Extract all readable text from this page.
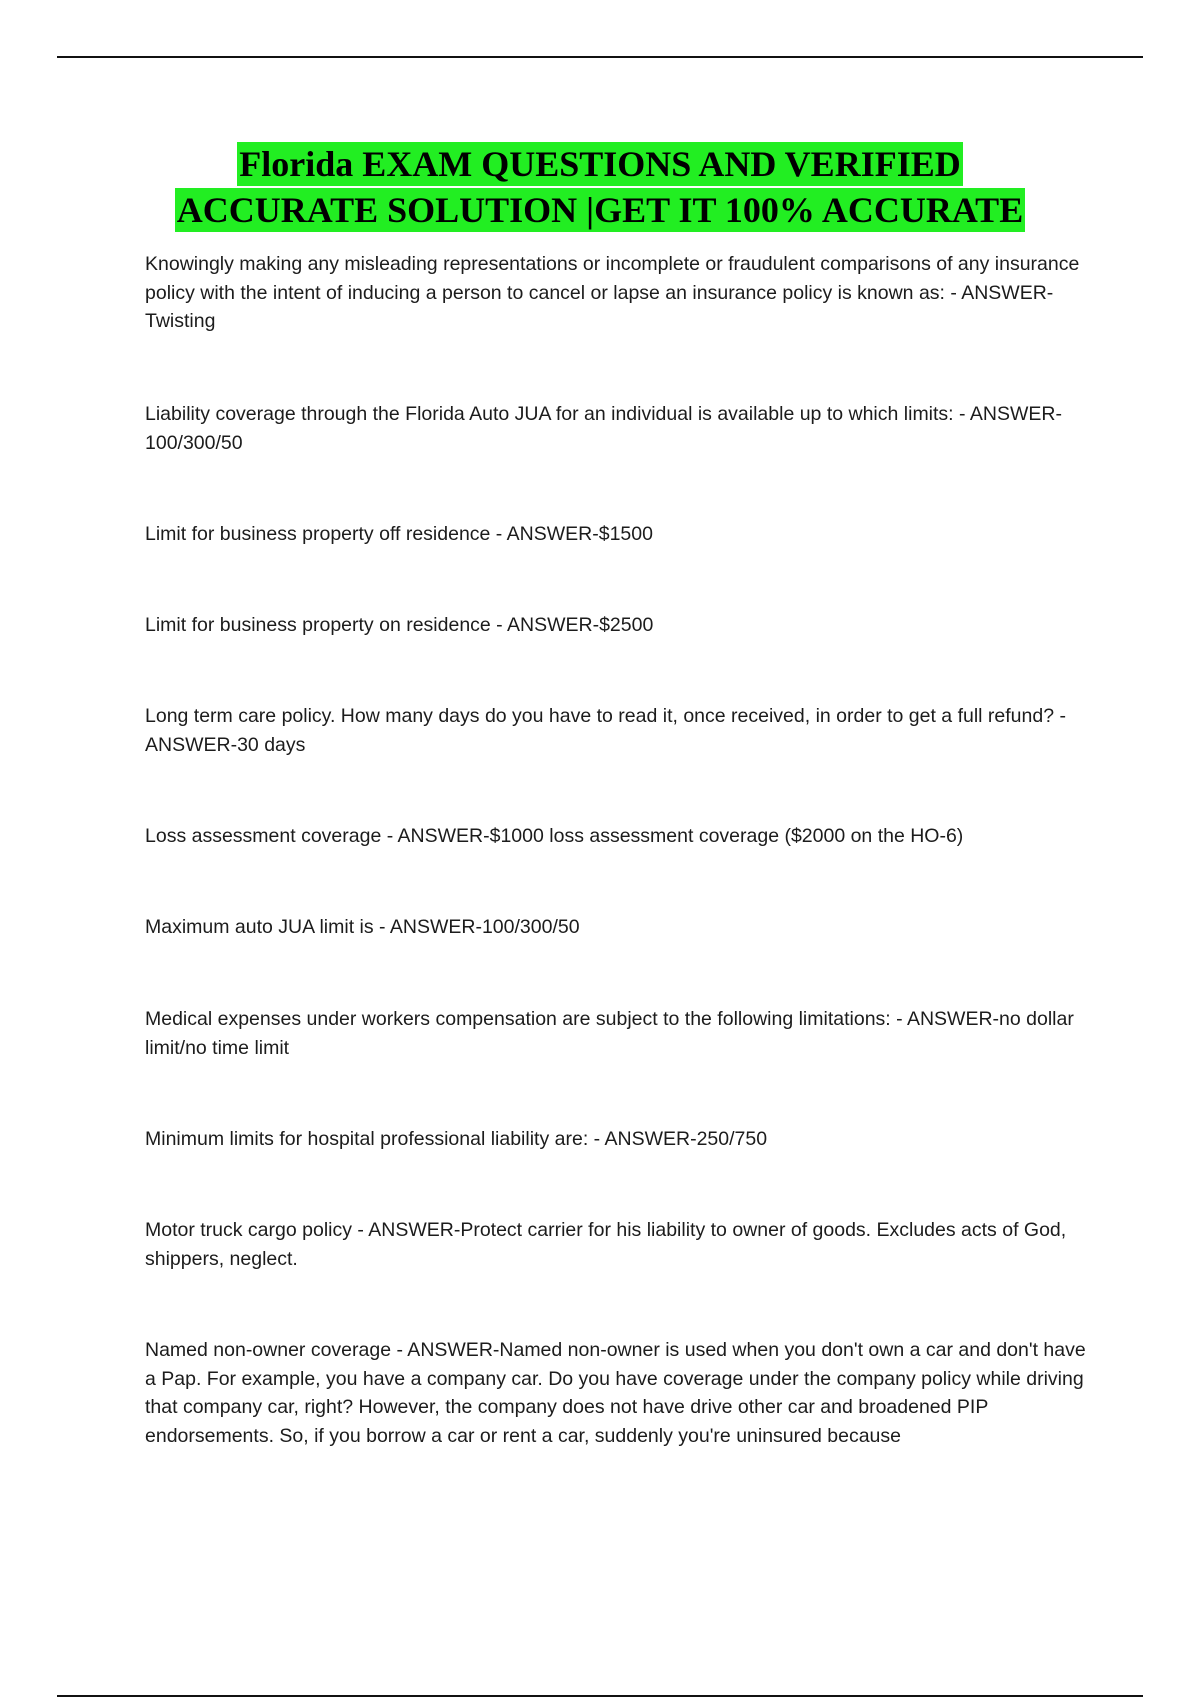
Florida EXAM QUESTIONS AND VERIFIED
ACCURATE SOLUTION |GET IT 100% ACCURATE

Knowingly making any misleading representations or incomplete or fraudulent comparisons of any insurance policy with the intent of inducing a person to cancel or lapse an insurance policy is known as: - ANSWER-Twisting

Liability coverage through the Florida Auto JUA for an individual is available up to which limits: - ANSWER-100/300/50

Limit for business property off residence - ANSWER-$1500

Limit for business property on residence - ANSWER-$2500

Long term care policy. How many days do you have to read it, once received, in order to get a full refund? - ANSWER-30 days

Loss assessment coverage - ANSWER-$1000 loss assessment coverage ($2000 on the HO-6)

Maximum auto JUA limit is - ANSWER-100/300/50

Medical expenses under workers compensation are subject to the following limitations: - ANSWER-no dollar limit/no time limit

Minimum limits for hospital professional liability are: - ANSWER-250/750

Motor truck cargo policy - ANSWER-Protect carrier for his liability to owner of goods. Excludes acts of God, shippers, neglect.

Named non-owner coverage - ANSWER-Named non-owner is used when you don't own a car and don't have a Pap. For example, you have a company car. Do you have coverage under the company policy while driving that company car, right? However, the company does not have drive other car and broadened PIP endorsements. So, if you borrow a car or rent a car, suddenly you're uninsured because
